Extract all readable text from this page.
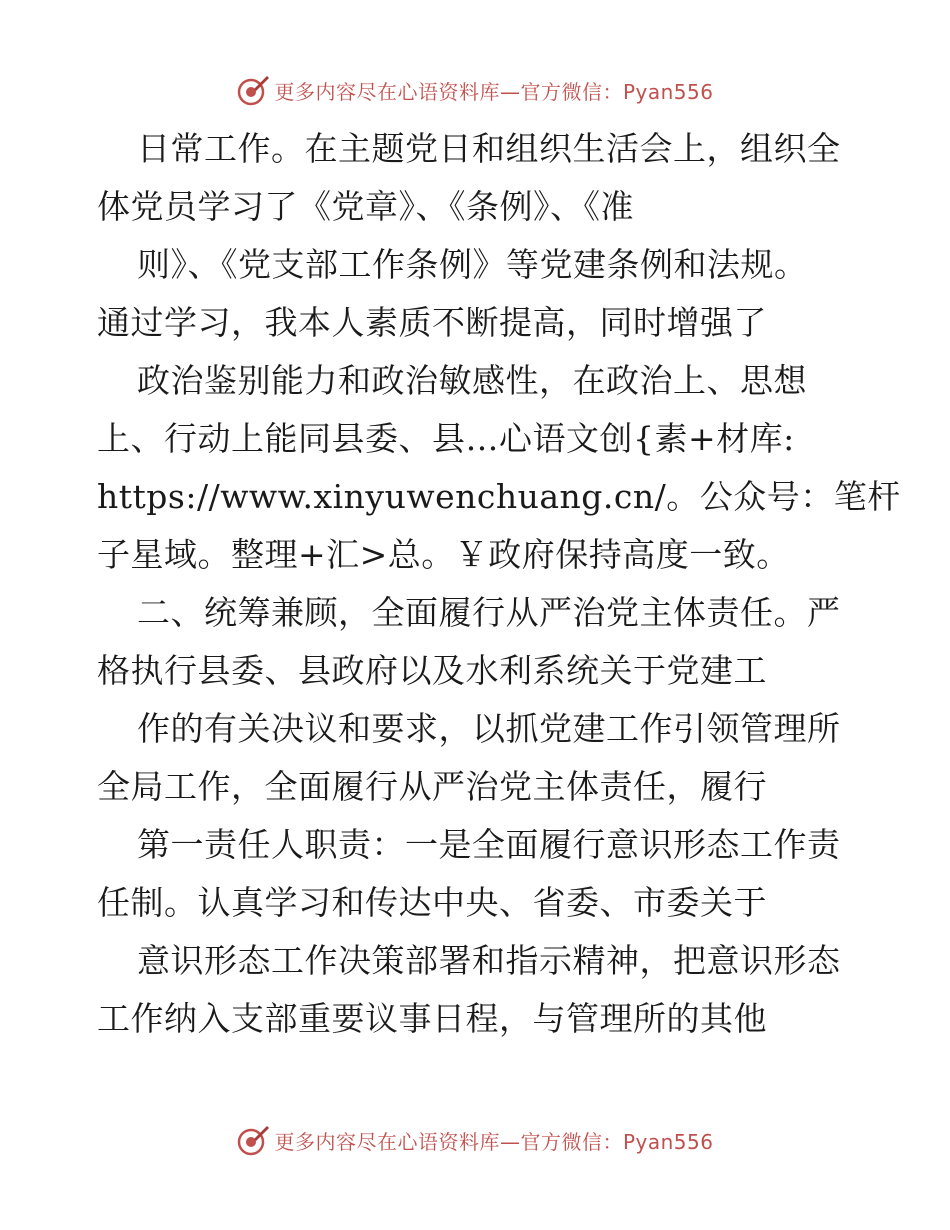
更多内容尽在心语资料库—官方微信：Pyan556
日常工作。在主题党日和组织生活会上，组织全
体党员学习了《党章》、《条例》、《准
则》、《党支部工作条例》等党建条例和法规。
通过学习，我本人素质不断提高，同时增强了
政治鉴别能力和政治敏感性，在政治上、思想
上、行动上能同县委、县…心语文创{素+材库:
https://www.xinyuwenchuang.cn/。公众号：笔杆
子星域。整理+汇>总。￥政府保持高度一致。
二、统筹兼顾，全面履行从严治党主体责任。严
格执行县委、县政府以及水利系统关于党建工
作的有关决议和要求，以抓党建工作引领管理所
全局工作，全面履行从严治党主体责任，履行
第一责任人职责：一是全面履行意识形态工作责
任制。认真学习和传达中央、省委、市委关于
意识形态工作决策部署和指示精神，把意识形态
工作纳入支部重要议事日程，与管理所的其他
更多内容尽在心语资料库—官方微信：Pyan556
